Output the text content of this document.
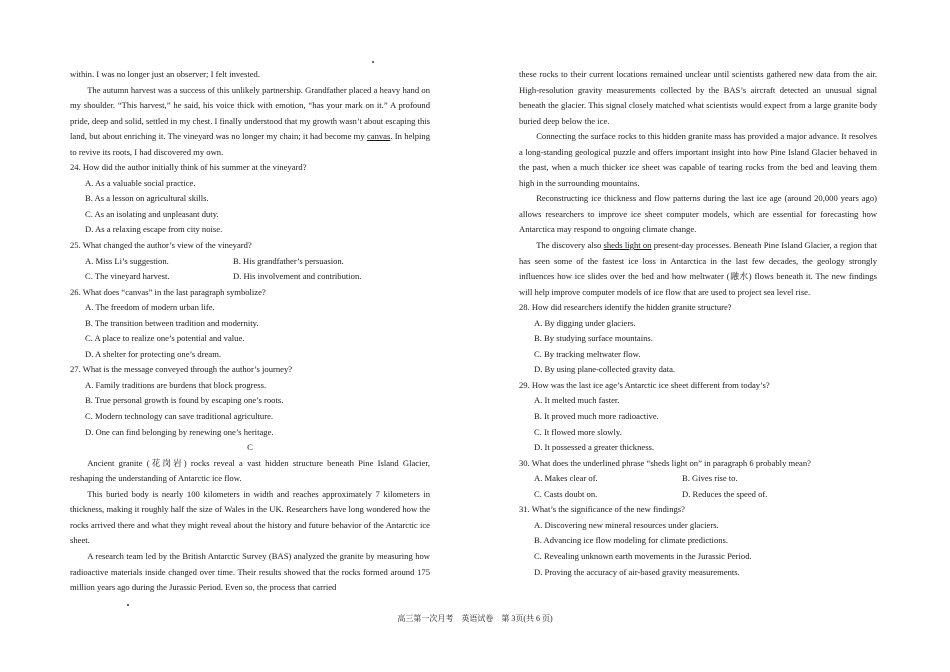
within. I was no longer just an observer; I felt invested.

The autumn harvest was a success of this unlikely partnership. Grandfather placed a heavy hand on my shoulder. “This harvest,” he said, his voice thick with emotion, “has your mark on it.” A profound pride, deep and solid, settled in my chest. I finally understood that my growth wasn’t about escaping this land, but about enriching it. The vineyard was no longer my chain; it had become my canvas. In helping to revive its roots, I had discovered my own.

24. How did the author initially think of his summer at the vineyard?

A. As a valuable social practice.

B. As a lesson on agricultural skills.

C. As an isolating and unpleasant duty.

D. As a relaxing escape from city noise.

25. What changed the author’s view of the vineyard?

A. Miss Li’s suggestion.	B. His grandfather’s persuasion.
C. The vineyard harvest.	D. His involvement and contribution.

26. What does “canvas” in the last paragraph symbolize?

A. The freedom of modern urban life.

B. The transition between tradition and modernity.

C. A place to realize one’s potential and value.

D. A shelter for protecting one’s dream.

27. What is the message conveyed through the author’s journey?

A. Family traditions are burdens that block progress.

B. True personal growth is found by escaping one’s roots.

C. Modern technology can save traditional agriculture.

D. One can find belonging by renewing one’s heritage.

C

Ancient granite (花岗岩) rocks reveal a vast hidden structure beneath Pine Island Glacier, reshaping the understanding of Antarctic ice flow.

This buried body is nearly 100 kilometers in width and reaches approximately 7 kilometers in thickness, making it roughly half the size of Wales in the UK. Researchers have long wondered how the rocks arrived there and what they might reveal about the history and future behavior of the Antarctic ice sheet.

A research team led by the British Antarctic Survey (BAS) analyzed the granite by measuring how radioactive materials inside changed over time. Their results showed that the rocks formed around 175 million years ago during the Jurassic Period. Even so, the process that carried

these rocks to their current locations remained unclear until scientists gathered new data from the air. High-resolution gravity measurements collected by the BAS’s aircraft detected an unusual signal beneath the glacier. This signal closely matched what scientists would expect from a large granite body buried deep below the ice.

Connecting the surface rocks to this hidden granite mass has provided a major advance. It resolves a long-standing geological puzzle and offers important insight into how Pine Island Glacier behaved in the past, when a much thicker ice sheet was capable of tearing rocks from the bed and leaving them high in the surrounding mountains.

Reconstructing ice thickness and flow patterns during the last ice age (around 20,000 years ago) allows researchers to improve ice sheet computer models, which are essential for forecasting how Antarctica may respond to ongoing climate change.

The discovery also sheds light on present-day processes. Beneath Pine Island Glacier, a region that has seen some of the fastest ice loss in Antarctica in the last few decades, the geology strongly influences how ice slides over the bed and how meltwater (融水) flows beneath it. The new findings will help improve computer models of ice flow that are used to project sea level rise.

28. How did researchers identify the hidden granite structure?

A. By digging under glaciers.

B. By studying surface mountains.

C. By tracking meltwater flow.

D. By using plane-collected gravity data.

29. How was the last ice age’s Antarctic ice sheet different from today’s?

A. It melted much faster.

B. It proved much more radioactive.

C. It flowed more slowly.

D. It possessed a greater thickness.

30. What does the underlined phrase “sheds light on” in paragraph 6 probably mean?

A. Makes clear of.	B. Gives rise to.
C. Casts doubt on.	D. Reduces the speed of.

31. What’s the significance of the new findings?

A. Discovering new mineral resources under glaciers.

B. Advancing ice flow modeling for climate predictions.

C. Revealing unknown earth movements in the Jurassic Period.

D. Proving the accuracy of air-based gravity measurements.

高三第一次月考　英语试卷　第 3页(共 6 页)
